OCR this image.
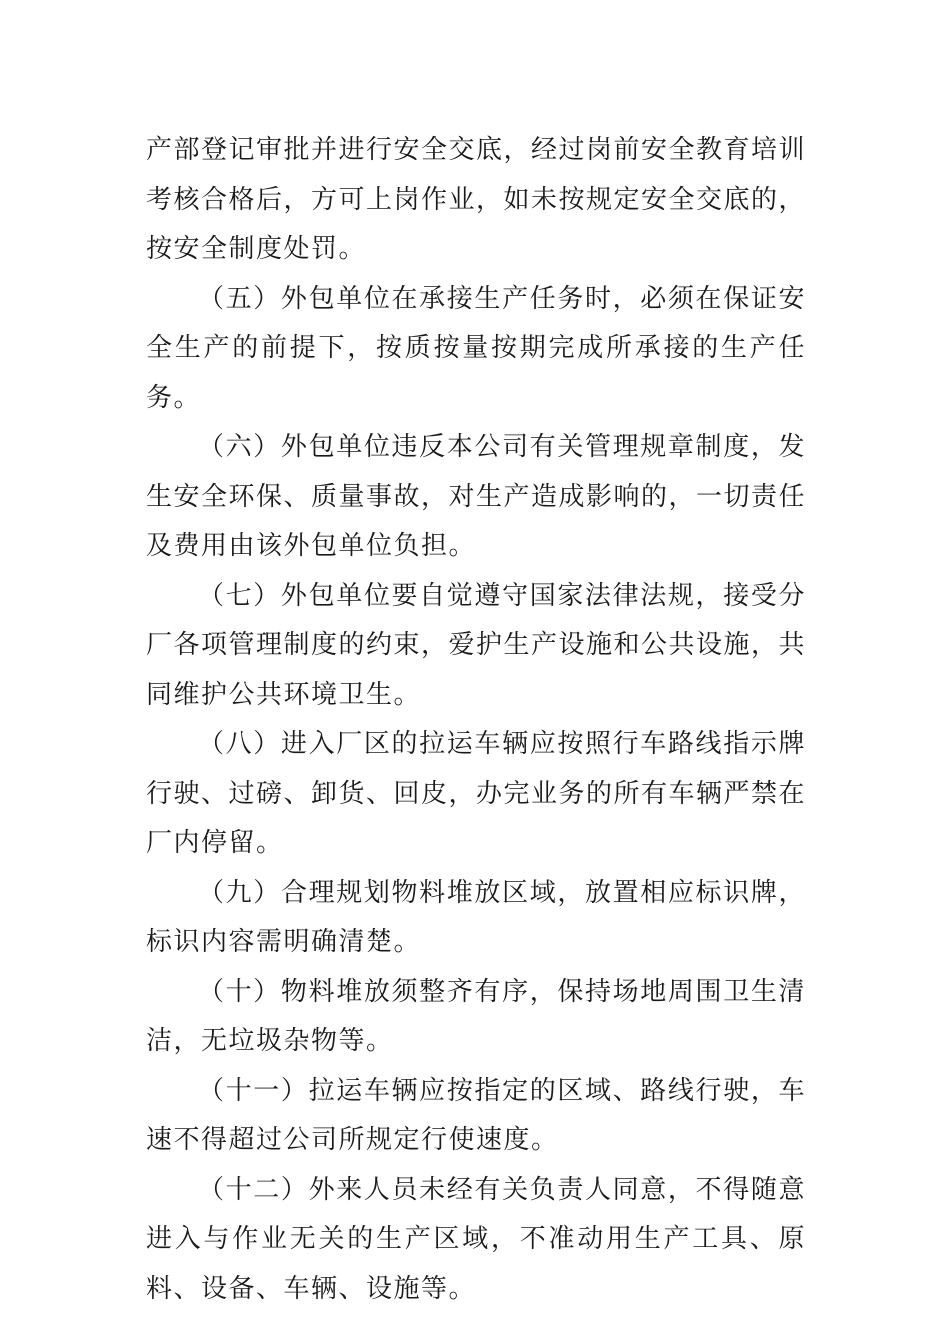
产部登记审批并进行安全交底，经过岗前安全教育培训考核合格后，方可上岗作业，如未按规定安全交底的，按安全制度处罚。

（五）外包单位在承接生产任务时，必须在保证安全生产的前提下，按质按量按期完成所承接的生产任务。

（六）外包单位违反本公司有关管理规章制度，发生安全环保、质量事故，对生产造成影响的，一切责任及费用由该外包单位负担。

（七）外包单位要自觉遵守国家法律法规，接受分厂各项管理制度的约束，爱护生产设施和公共设施，共同维护公共环境卫生。

（八）进入厂区的拉运车辆应按照行车路线指示牌行驶、过磅、卸货、回皮，办完业务的所有车辆严禁在厂内停留。

（九）合理规划物料堆放区域，放置相应标识牌，标识内容需明确清楚。

（十）物料堆放须整齐有序，保持场地周围卫生清洁，无垃圾杂物等。

（十一）拉运车辆应按指定的区域、路线行驶，车速不得超过公司所规定行使速度。

（十二）外来人员未经有关负责人同意，不得随意进入与作业无关的生产区域，不准动用生产工具、原料、设备、车辆、设施等。
